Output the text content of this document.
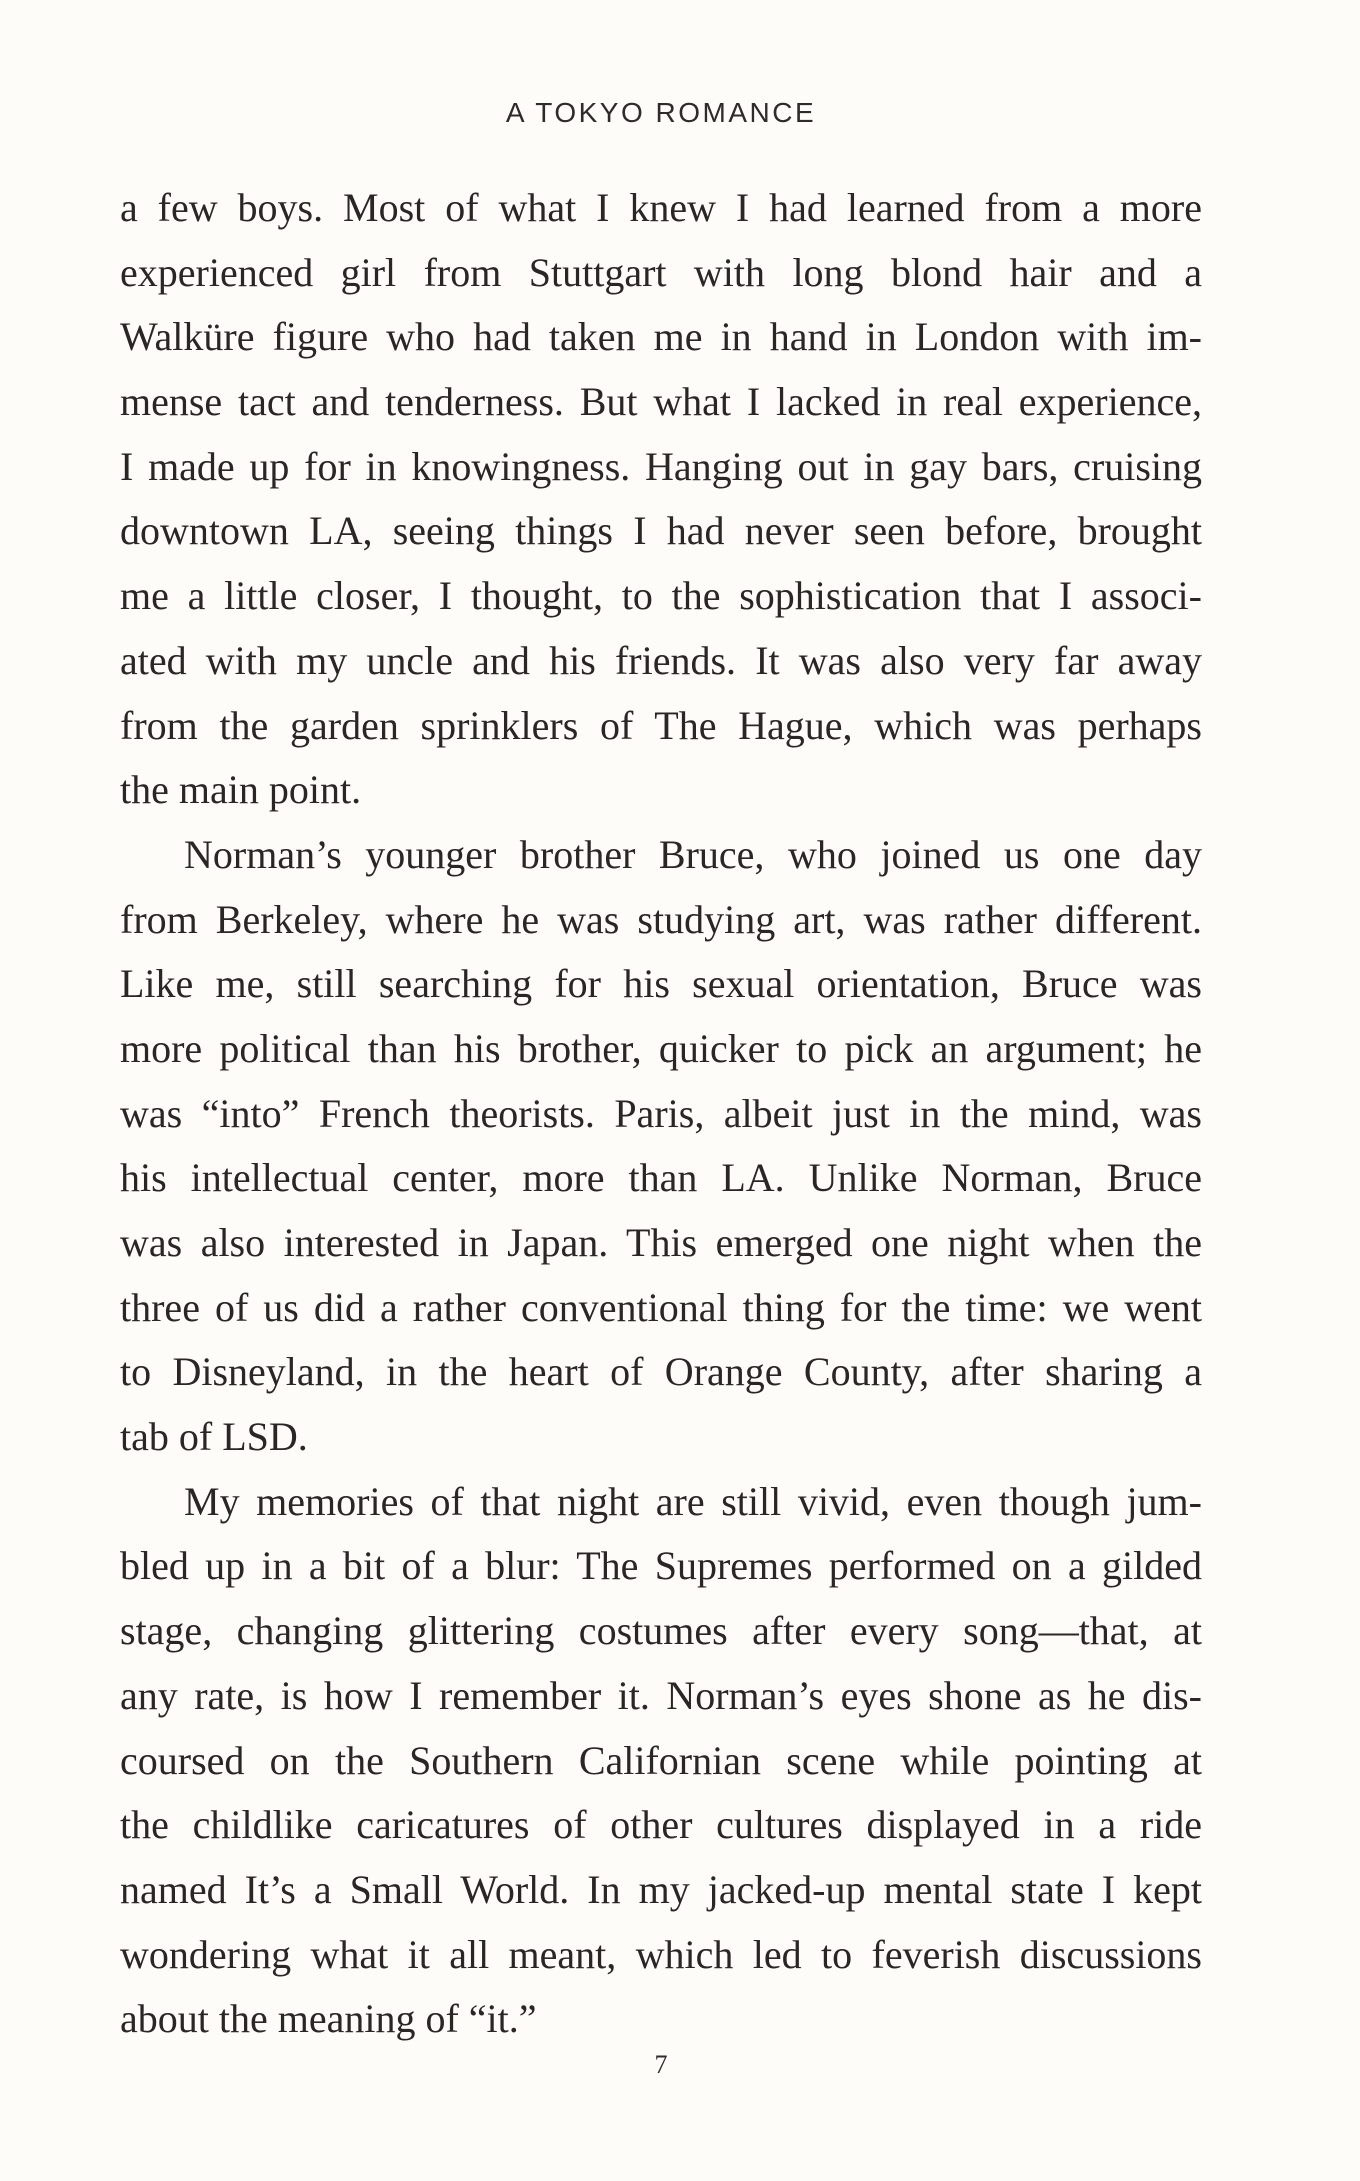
A TOKYO ROMANCE
a few boys. Most of what I knew I had learned from a more
experienced girl from Stuttgart with long blond hair and a
Walküre figure who had taken me in hand in London with im-
mense tact and tenderness. But what I lacked in real experience,
I made up for in knowingness. Hanging out in gay bars, cruising
downtown LA, seeing things I had never seen before, brought
me a little closer, I thought, to the sophistication that I associ-
ated with my uncle and his friends. It was also very far away
from the garden sprinklers of The Hague, which was perhaps
the main point.
Norman’s younger brother Bruce, who joined us one day
from Berkeley, where he was studying art, was rather different.
Like me, still searching for his sexual orientation, Bruce was
more political than his brother, quicker to pick an argument; he
was “into” French theorists. Paris, albeit just in the mind, was
his intellectual center, more than LA. Unlike Norman, Bruce
was also interested in Japan. This emerged one night when the
three of us did a rather conventional thing for the time: we went
to Disneyland, in the heart of Orange County, after sharing a
tab of LSD.
My memories of that night are still vivid, even though jum-
bled up in a bit of a blur: The Supremes performed on a gilded
stage, changing glittering costumes after every song—that, at
any rate, is how I remember it. Norman’s eyes shone as he dis-
coursed on the Southern Californian scene while pointing at
the childlike caricatures of other cultures displayed in a ride
named It’s a Small World. In my jacked-up mental state I kept
wondering what it all meant, which led to feverish discussions
about the meaning of “it.”
7
